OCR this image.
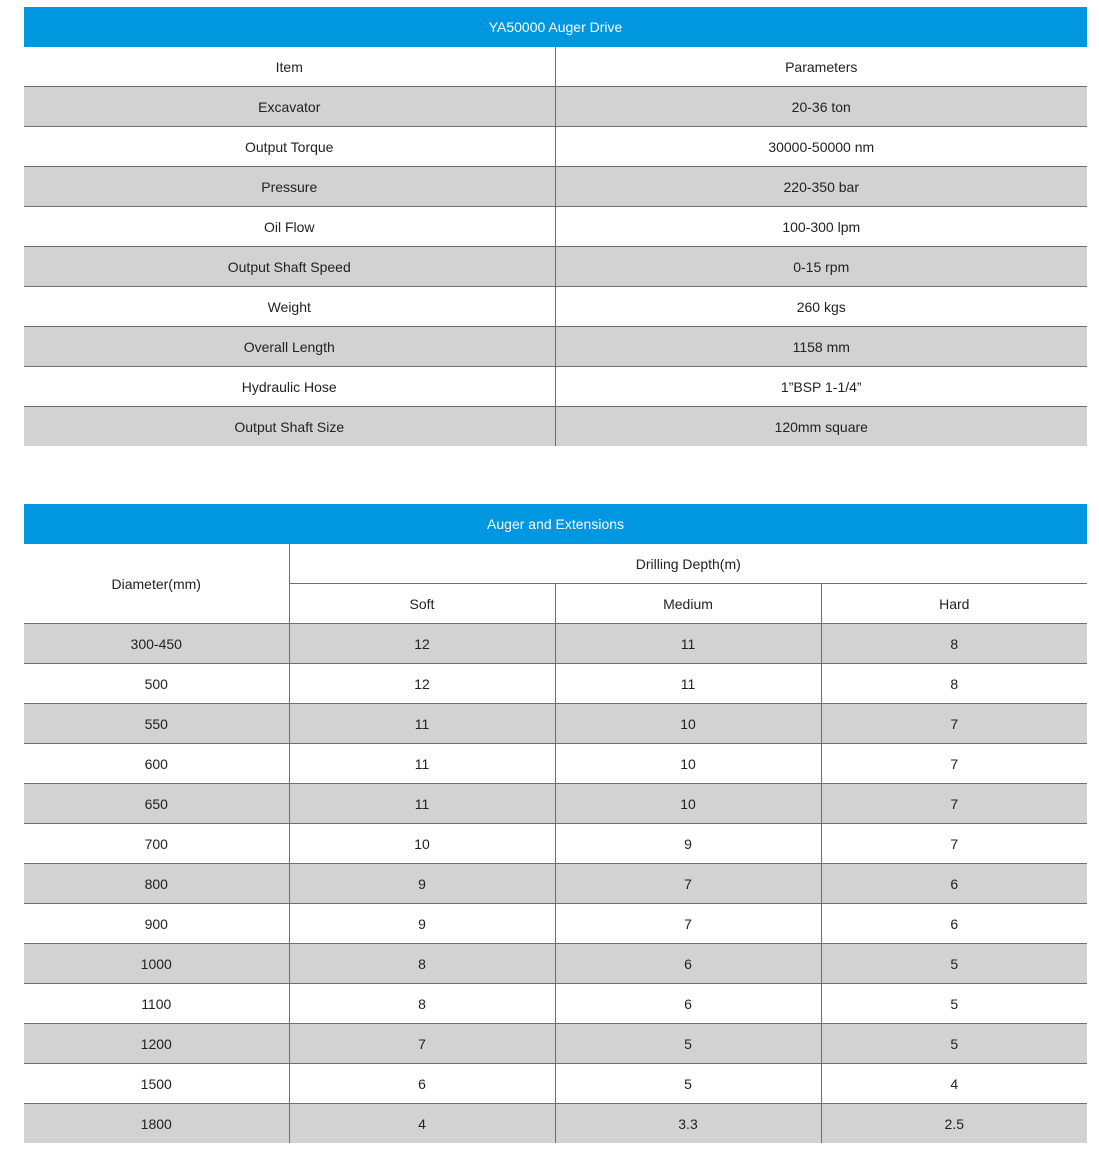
YA50000 Auger Drive	
Item	Parameters
Excavator	20-36 ton
Output Torque	30000-50000 nm
Pressure	220-350 bar
Oil Flow	100-300 lpm
Output Shaft Speed	0-15 rpm
Weight	260 kgs
Overall Length	1158 mm
Hydraulic Hose	1”BSP 1-1/4”
Output Shaft Size	120mm square
Auger and Extensions			
Diameter(mm)	Drilling Depth(m)		
	Soft	Medium	Hard
300-450	12	11	8
500	12	11	8
550	11	10	7
600	11	10	7
650	11	10	7
700	10	9	7
800	9	7	6
900	9	7	6
1000	8	6	5
1100	8	6	5
1200	7	5	5
1500	6	5	4
1800	4	3.3	2.5
